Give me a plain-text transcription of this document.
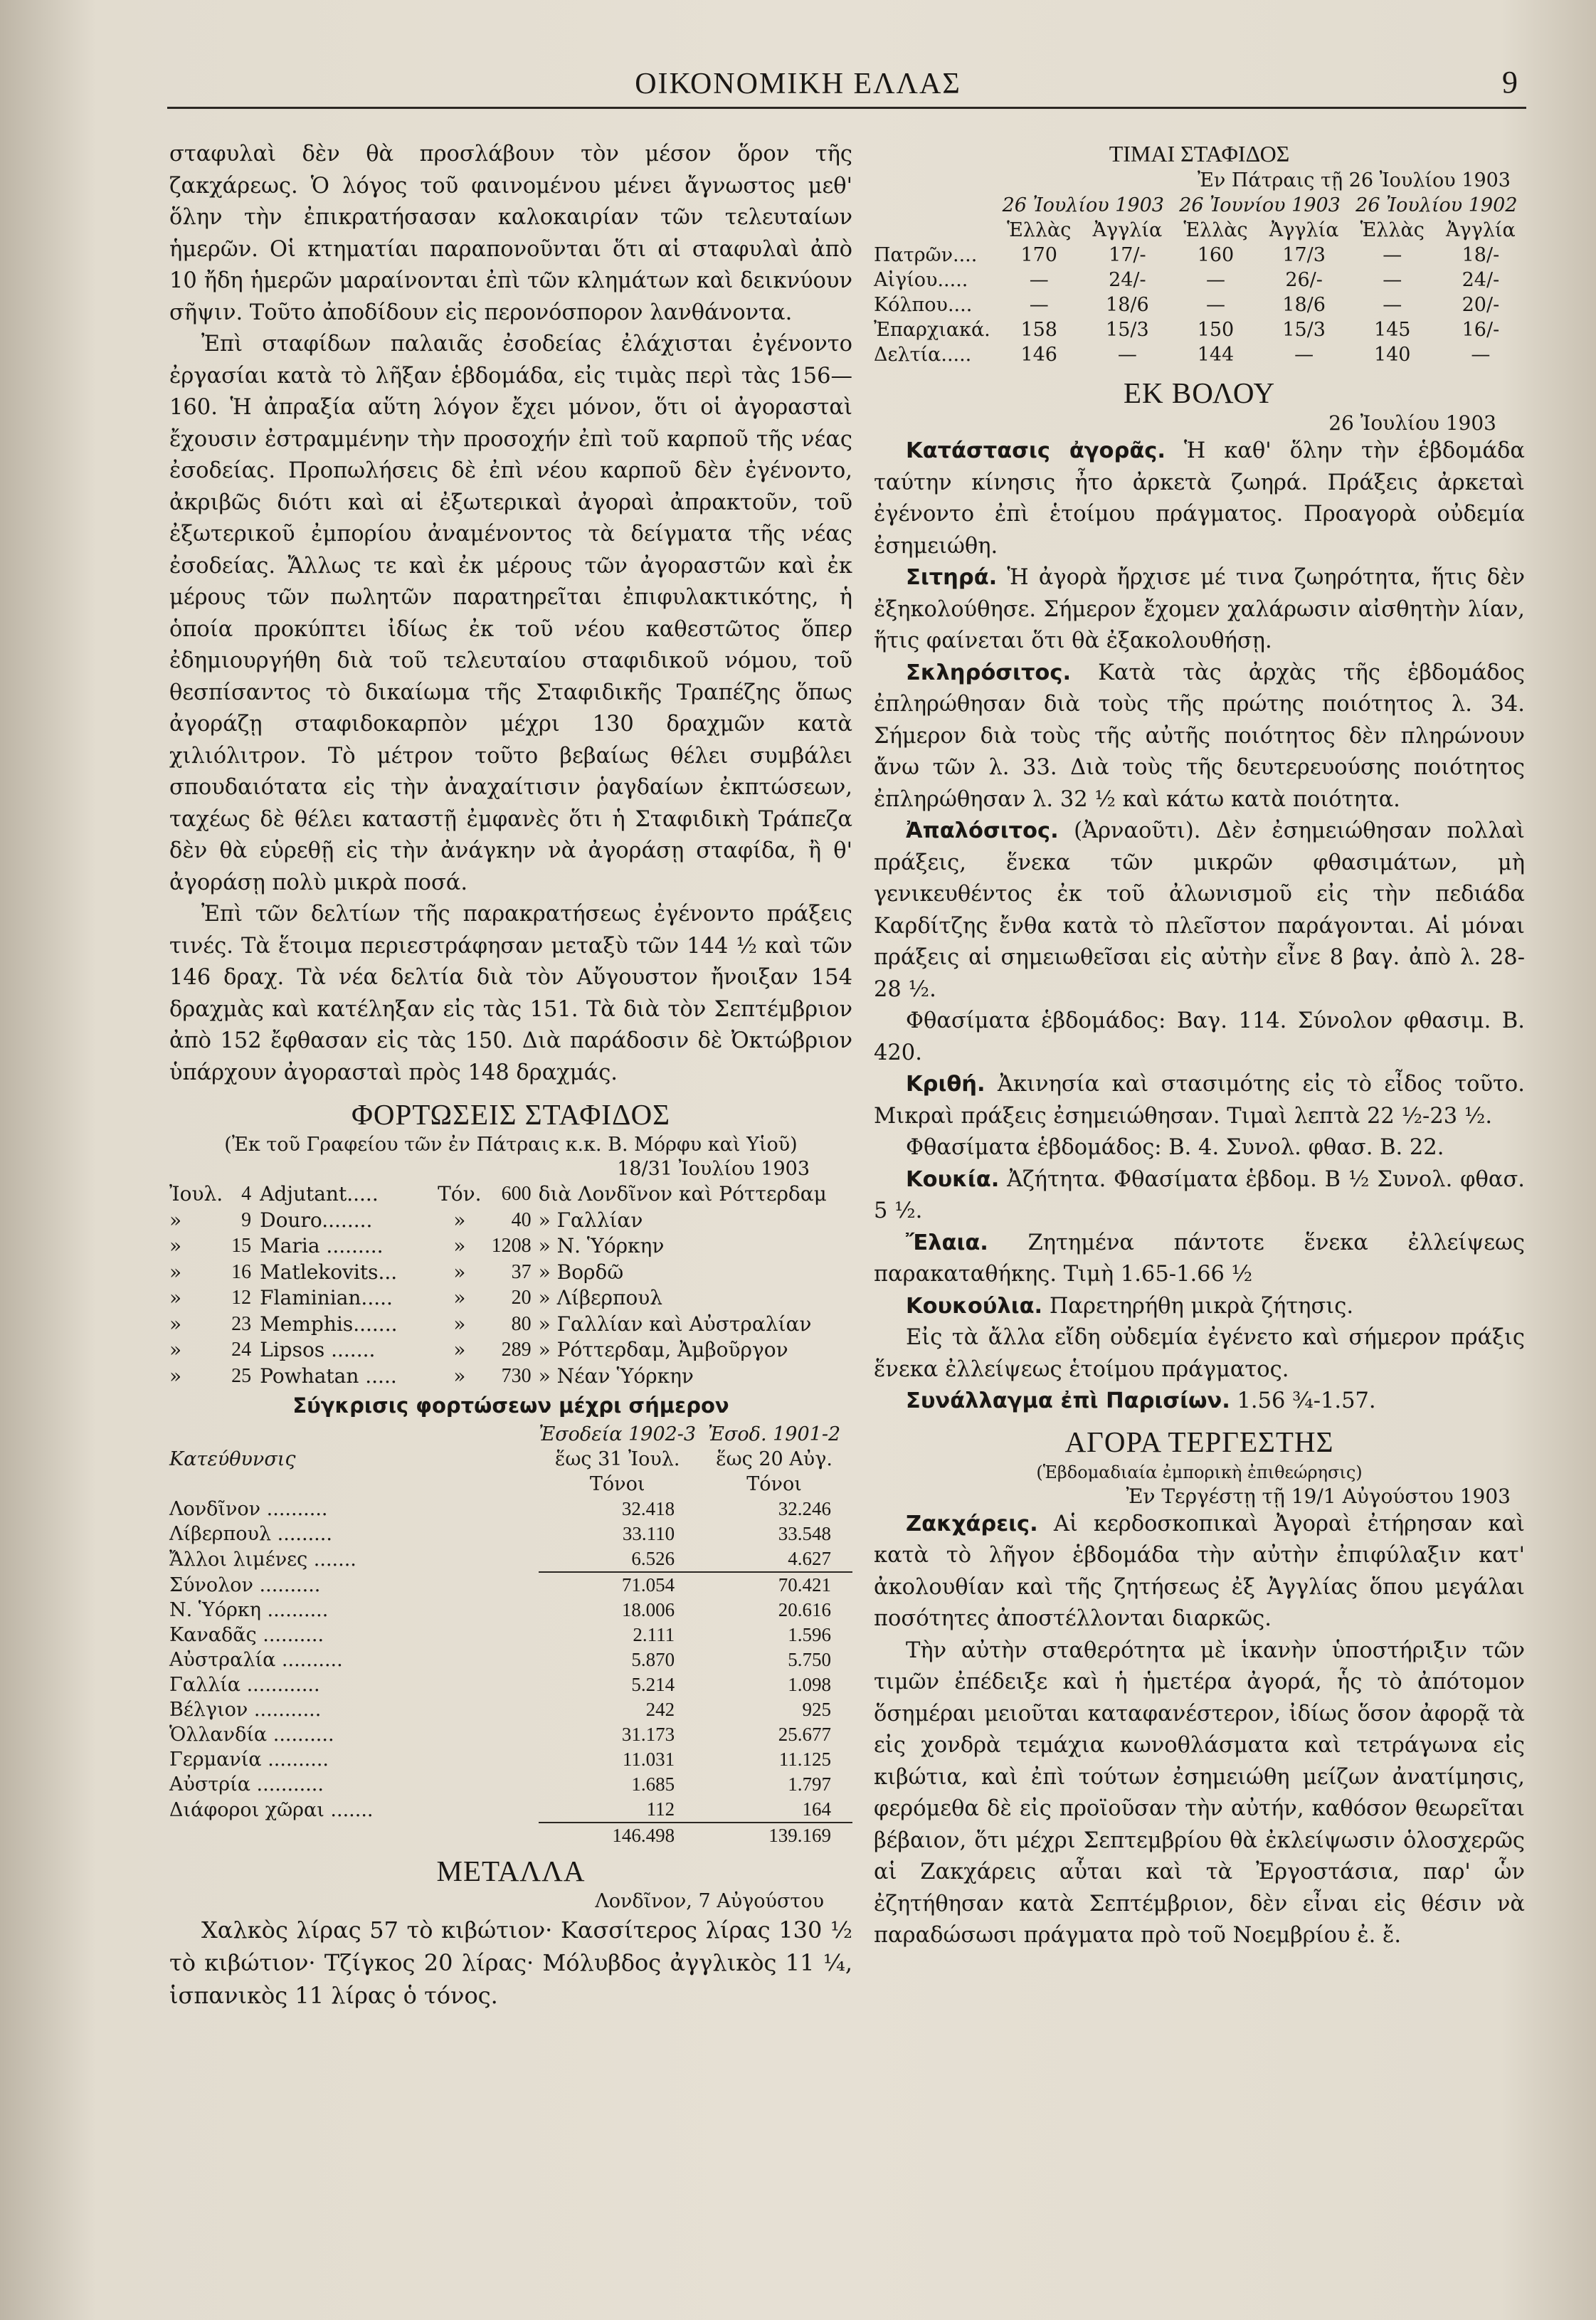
ΟΙΚΟΝΟΜΙΚΗ ΕΛΛΑΣ	9

σταφυλαὶ δὲν θὰ προσλάβουν τὸν μέσον ὅρον τῆς ζακχάρεως. Ὁ λόγος τοῦ φαινομένου μένει ἄγνωστος μεθ' ὅλην τὴν ἐπικρατήσασαν καλοκαιρίαν τῶν τελευταίων ἡμερῶν. Οἱ κτηματίαι παραπονοῦνται ὅτι αἱ σταφυλαὶ ἀπὸ 10 ἤδη ἡμερῶν μαραίνονται ἐπὶ τῶν κλημάτων καὶ δεικνύουν σῆψιν. Τοῦτο ἀποδίδουν εἰς περονόσπορον λανθάνοντα.

Ἐπὶ σταφίδων παλαιᾶς ἐσοδείας ἐλάχισται ἐγένοντο ἐργασίαι κατὰ τὸ λῆξαν ἑβδομάδα, εἰς τιμὰς περὶ τὰς 156—160. Ἡ ἀπραξία αὕτη λόγον ἔχει μόνον, ὅτι οἱ ἀγορασταὶ ἔχουσιν ἐστραμμένην τὴν προσοχήν ἐπὶ τοῦ καρποῦ τῆς νέας ἐσοδείας. Προπωλήσεις δὲ ἐπὶ νέου καρποῦ δὲν ἐγένοντο, ἀκριβῶς διότι καὶ αἱ ἐξωτερικαὶ ἀγοραὶ ἀπρακτοῦν, τοῦ ἐξωτερικοῦ ἐμπορίου ἀναμένοντος τὰ δείγματα τῆς νέας ἐσοδείας. Ἄλλως τε καὶ ἐκ μέρους τῶν ἀγοραστῶν καὶ ἐκ μέρους τῶν πωλητῶν παρατηρεῖται ἐπιφυλακτικότης, ἡ ὁποία προκύπτει ἰδίως ἐκ τοῦ νέου καθεστῶτος ὅπερ ἐδημιουργήθη διὰ τοῦ τελευταίου σταφιδικοῦ νόμου, τοῦ θεσπίσαντος τὸ δικαίωμα τῆς Σταφιδικῆς Τραπέζης ὅπως ἀγοράζῃ σταφιδοκαρπὸν μέχρι 130 δραχμῶν κατὰ χιλιόλιτρον. Τὸ μέτρον τοῦτο βεβαίως θέλει συμβάλει σπουδαιότατα εἰς τὴν ἀναχαίτισιν ῥαγδαίων ἐκπτώσεων, ταχέως δὲ θέλει καταστῇ ἐμφανὲς ὅτι ἡ Σταφιδικὴ Τράπεζα δὲν θὰ εὑρεθῇ εἰς τὴν ἀνάγκην νὰ ἀγοράσῃ σταφίδα, ἢ θ' ἀγοράσῃ πολὺ μικρὰ ποσά.

Ἐπὶ τῶν δελτίων τῆς παρακρατήσεως ἐγένοντο πράξεις τινές. Τὰ ἕτοιμα περιεστράφησαν μεταξὺ τῶν 144 ½ καὶ τῶν 146 δραχ. Τὰ νέα δελτία διὰ τὸν Αὔγουστον ἤνοιξαν 154 δραχμὰς καὶ κατέληξαν εἰς τὰς 151. Τὰ διὰ τὸν Σεπτέμβριον ἀπὸ 152 ἔφθασαν εἰς τὰς 150. Διὰ παράδοσιν δὲ Ὀκτώβριον ὑπάρχουν ἀγορασταὶ πρὸς 148 δραχμάς.

ΦΟΡΤΩΣΕΙΣ ΣΤΑΦΙΔΟΣ

(Ἐκ τοῦ Γραφείου τῶν ἐν Πάτραις κ.κ. Β. Μόρφυ καὶ Υἱοῦ)

18/31 Ἰουλίου 1903

Ἰουλ.	4	Adjutant.....	Τόν.	600	διὰ Λονδῖνον καὶ Ρόττερδαμ
»	9	Douro........	»	40	» Γαλλίαν
»	15	Maria .........	»	1208	» Ν. Ὑόρκην
»	16	Matlekovits...	»	37	» Βορδῶ
»	12	Flaminian.....	»	20	» Λίβερπουλ
»	23	Memphis.......	»	80	» Γαλλίαν καὶ Αὐστραλίαν
»	24	Lipsos .......	»	289	» Ρόττερδαμ, Ἀμβοῦργον
»	25	Powhatan .....	»	730	» Νέαν Ὑόρκην
Σύγκρισις φορτώσεων μέχρι σήμερον
	Ἐσοδεία 1902-3	Ἐσοδ. 1901-2
Κατεύθυνσις	ἕως 31 Ἰουλ.	ἕως 20 Αὐγ.
	Τόνοι	Τόνοι
Λονδῖνον ..........	32.418	32.246
Λίβερπουλ .........	33.110	33.548
Ἄλλοι λιμένες .......	6.526	4.627
Σύνολον ..........	71.054	70.421
Ν. Ὑόρκη ..........	18.006	20.616
Καναδᾶς ..........	2.111	1.596
Αὐστραλία ..........	5.870	5.750
Γαλλία ............	5.214	1.098
Βέλγιον ...........	242	925
Ὁλλανδία ..........	31.173	25.677
Γερμανία ..........	11.031	11.125
Αὐστρία ...........	1.685	1.797
Διάφοροι χῶραι .......	112	164
	146.498	139.169
ΜΕΤΑΛΛΑ

Λονδῖνον, 7 Αὐγούστου

Χαλκὸς λίρας 57 τὸ κιβώτιον· Κασσίτερος λίρας 130 ½ τὸ κιβώτιον· Τζίγκος 20 λίρας· Μόλυβδος ἀγγλικὸς 11 ¼, ἱσπανικὸς 11 λίρας ὁ τόνος.

ΤΙΜΑΙ ΣΤΑΦΙΔΟΣ

Ἐν Πάτραις τῇ 26 Ἰουλίου 1903

	26 Ἰουλίου 1903		26 Ἰουνίου 1903		26 Ἰουλίου 1902	
	Ἑλλὰς	Ἀγγλία	Ἑλλὰς	Ἀγγλία	Ἑλλὰς	Ἀγγλία
Πατρῶν....	170	17/-	160	17/3	—	18/-
Αἰγίου.....	—	24/-	—	26/-	—	24/-
Κόλπου....	—	18/6	—	18/6	—	20/-
Ἐπαρχιακά.	158	15/3	150	15/3	145	16/-
Δελτία.....	146	—	144	—	140	—
ΕΚ ΒΟΛΟΥ

26 Ἰουλίου 1903

Κατάστασις ἀγορᾶς. Ἡ καθ' ὅλην τὴν ἑβδομάδα ταύτην κίνησις ἦτο ἀρκετὰ ζωηρά. Πράξεις ἀρκεταὶ ἐγένοντο ἐπὶ ἑτοίμου πράγματος. Προαγορὰ οὐδεμία ἐσημειώθη.

Σιτηρά. Ἡ ἀγορὰ ἤρχισε μέ τινα ζωηρότητα, ἥτις δὲν ἐξηκολούθησε. Σήμερον ἔχομεν χαλάρωσιν αἰσθητὴν λίαν, ἥτις φαίνεται ὅτι θὰ ἐξακολουθήσῃ.

Σκληρόσιτος. Κατὰ τὰς ἀρχὰς τῆς ἑβδομάδος ἐπληρώθησαν διὰ τοὺς τῆς πρώτης ποιότητος λ. 34. Σήμερον διὰ τοὺς τῆς αὐτῆς ποιότητος δὲν πληρώνουν ἄνω τῶν λ. 33. Διὰ τοὺς τῆς δευτερευούσης ποιότητος ἐπληρώθησαν λ. 32 ½ καὶ κάτω κατὰ ποιότητα.

Ἀπαλόσιτος. (Ἀρναοῦτι). Δὲν ἐσημειώθησαν πολλαὶ πράξεις, ἕνεκα τῶν μικρῶν φθασιμάτων, μὴ γενικευθέντος ἐκ τοῦ ἀλωνισμοῦ εἰς τὴν πεδιάδα Καρδίτζης ἔνθα κατὰ τὸ πλεῖστον παράγονται. Αἱ μόναι πράξεις αἱ σημειωθεῖσαι εἰς αὐτὴν εἶνε 8 βαγ. ἀπὸ λ. 28-28 ½.

Φθασίματα ἑβδομάδος: Βαγ. 114. Σύνολον φθασιμ. Β. 420.

Κριθή. Ἀκινησία καὶ στασιμότης εἰς τὸ εἶδος τοῦτο. Μικραὶ πράξεις ἐσημειώθησαν. Τιμαὶ λεπτὰ 22 ½-23 ½.

Φθασίματα ἑβδομάδος: Β. 4. Συνολ. φθασ. Β. 22.

Κουκία. Ἀζήτητα. Φθασίματα ἑβδομ. Β ½ Συνολ. φθασ. 5 ½.

Ἔλαια. Ζητημένα πάντοτε ἕνεκα ἐλλείψεως παρακαταθήκης. Τιμὴ 1.65-1.66 ½

Κουκούλια. Παρετηρήθη μικρὰ ζήτησις.

Εἰς τὰ ἄλλα εἴδη οὐδεμία ἐγένετο καὶ σήμερον πράξις ἕνεκα ἐλλείψεως ἑτοίμου πράγματος.

Συνάλλαγμα ἐπὶ Παρισίων. 1.56 ¾-1.57.

ΑΓΟΡΑ ΤΕΡΓΕΣΤΗΣ

(Ἑβδομαδιαία ἐμπορικὴ ἐπιθεώρησις)

Ἐν Τεργέστῃ τῇ 19/1 Αὐγούστου 1903

Ζακχάρεις. Αἱ κερδοσκοπικαὶ Ἀγοραὶ ἐτήρησαν καὶ κατὰ τὸ λῆγον ἑβδομάδα τὴν αὐτὴν ἐπιφύλαξιν κατ' ἀκολουθίαν καὶ τῆς ζητήσεως ἐξ Ἀγγλίας ὅπου μεγάλαι ποσότητες ἀποστέλλονται διαρκῶς.

Τὴν αὐτὴν σταθερότητα μὲ ἱκανὴν ὑποστήριξιν τῶν τιμῶν ἐπέδειξε καὶ ἡ ἡμετέρα ἀγορά, ἧς τὸ ἀπότομον ὅσημέραι μειοῦται καταφανέστερον, ἰδίως ὅσον ἀφορᾷ τὰ εἰς χονδρὰ τεμάχια κωνοθλάσματα καὶ τετράγωνα εἰς κιβώτια, καὶ ἐπὶ τούτων ἐσημειώθη μείζων ἀνατίμησις, φερόμεθα δὲ εἰς προϊοῦσαν τὴν αὐτήν, καθόσον θεωρεῖται βέβαιον, ὅτι μέχρι Σεπτεμβρίου θὰ ἐκλείψωσιν ὁλοσχερῶς αἱ Ζακχάρεις αὗται καὶ τὰ Ἐργοστάσια, παρ' ὧν ἐζητήθησαν κατὰ Σεπτέμβριον, δὲν εἶναι εἰς θέσιν νὰ παραδώσωσι πράγματα πρὸ τοῦ Νοεμβρίου ἐ. ἔ.
